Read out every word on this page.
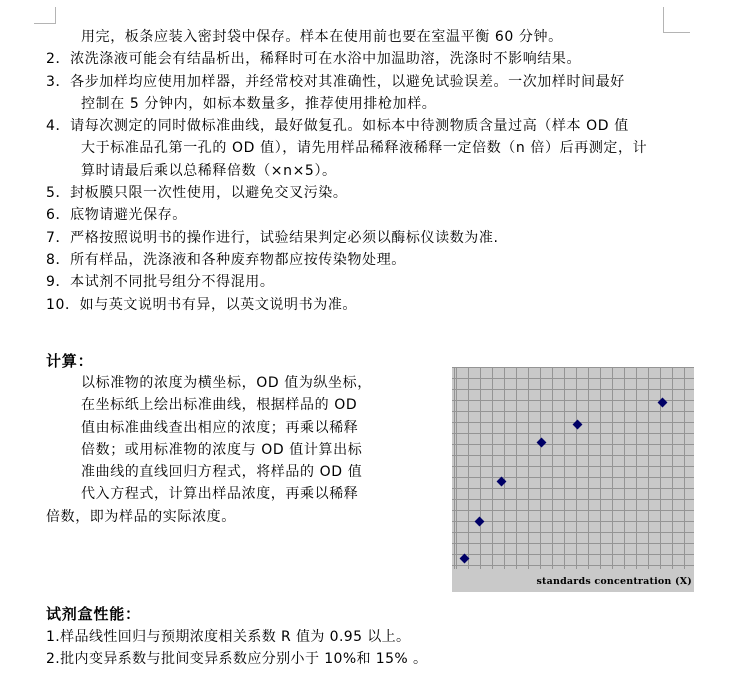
用完，板条应装入密封袋中保存。样本在使用前也要在室温平衡 60 分钟。
2．浓洗涤液可能会有结晶析出，稀释时可在水浴中加温助溶，洗涤时不影响结果。
3．各步加样均应使用加样器，并经常校对其准确性，以避免试验误差。一次加样时间最好
控制在 5 分钟内，如标本数量多，推荐使用排枪加样。
4．请每次测定的同时做标准曲线，最好做复孔。如标本中待测物质含量过高（样本 OD 值
大于标准品孔第一孔的 OD 值），请先用样品稀释液稀释一定倍数（n 倍）后再测定，计
算时请最后乘以总稀释倍数（×n×5）。
5．封板膜只限一次性使用，以避免交叉污染。
6．底物请避光保存。
7．严格按照说明书的操作进行，试验结果判定必须以酶标仪读数为准.
8．所有样品，洗涤液和各种废弃物都应按传染物处理。
9．本试剂不同批号组分不得混用。
10．如与英文说明书有异，以英文说明书为准。
计算：
以标准物的浓度为横坐标，OD 值为纵坐标，
在坐标纸上绘出标准曲线，根据样品的 OD
值由标准曲线查出相应的浓度；再乘以稀释
倍数；或用标准物的浓度与 OD 值计算出标
准曲线的直线回归方程式，将样品的 OD 值
代入方程式，计算出样品浓度，再乘以稀释
倍数，即为样品的实际浓度。
standards concentration (X)
试剂盒性能：
1.样品线性回归与预期浓度相关系数 R 值为 0.95 以上。
2.批内变异系数与批间变异系数应分别小于 10%和 15% 。
